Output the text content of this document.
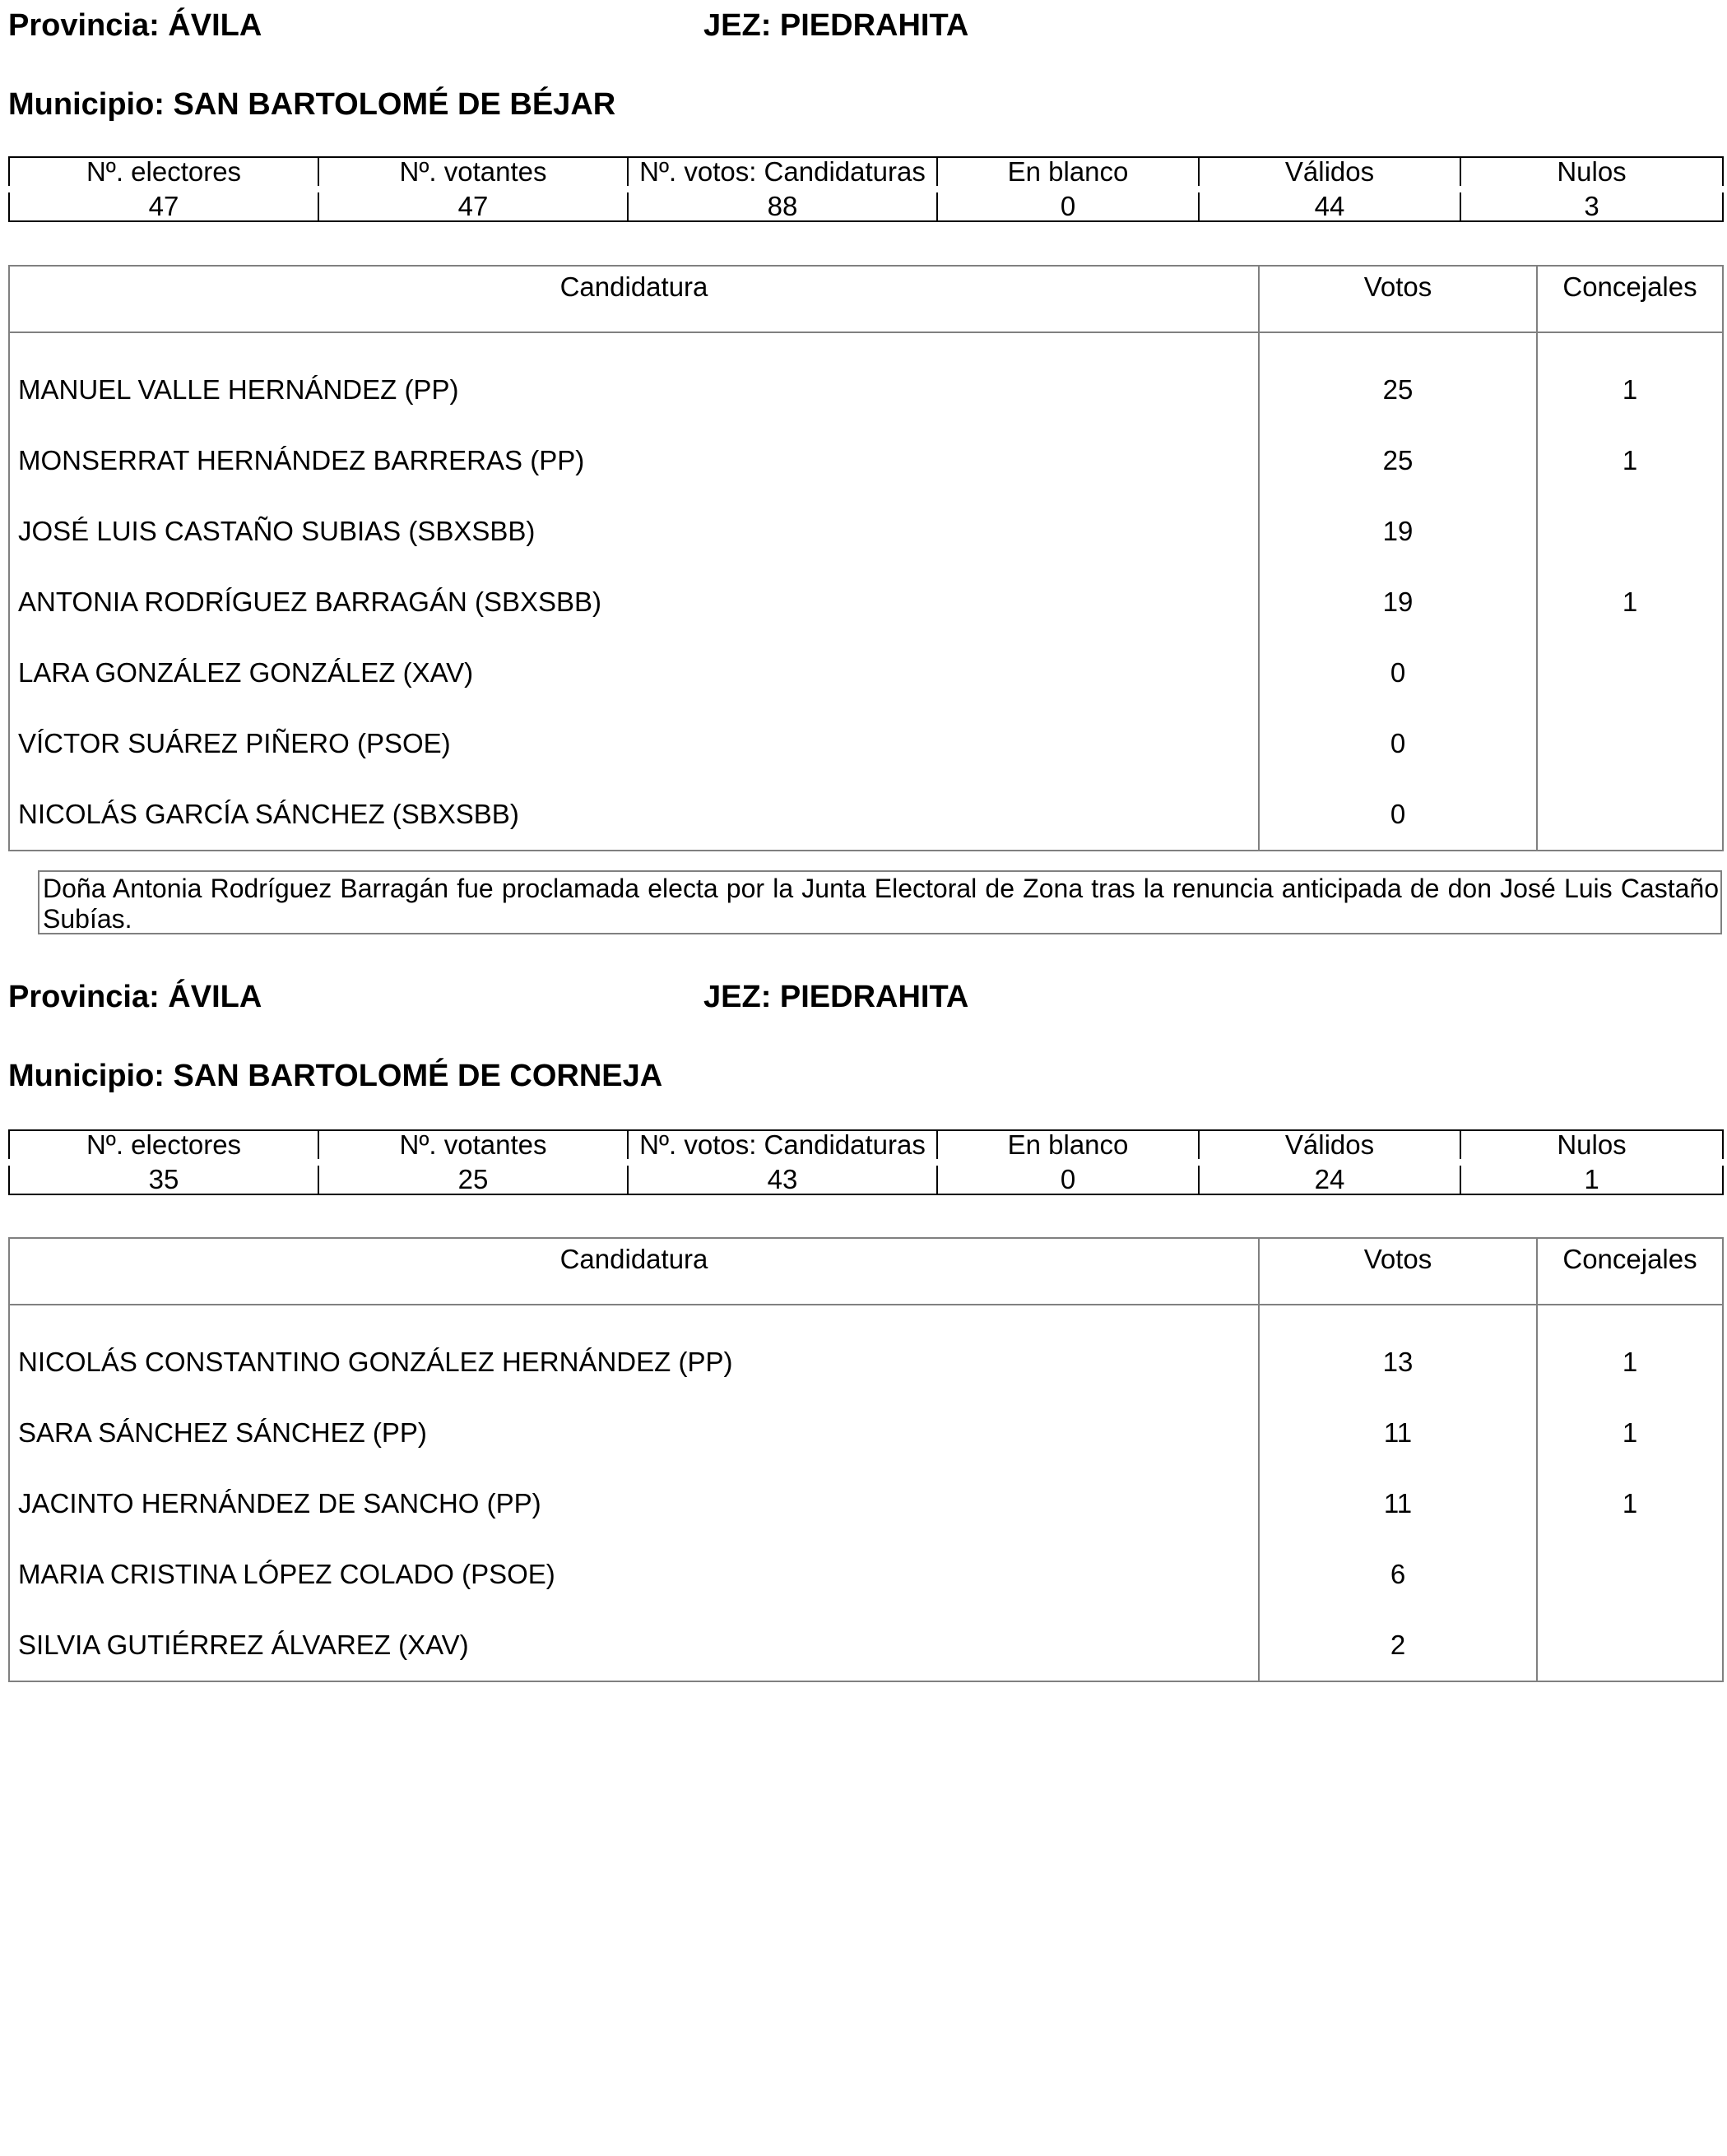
Provincia: ÁVILA	JEZ: PIEDRAHITA
Municipio: SAN BARTOLOMÉ DE BÉJAR
Nº. electores	Nº. votantes	Nº. votos: Candidaturas	En blanco	Válidos	Nulos
47	47	88	0	44	3
Candidatura	Votos	Concejales
MANUEL VALLE HERNÁNDEZ (PP)	25	1
MONSERRAT HERNÁNDEZ BARRERAS (PP)	25	1
JOSÉ LUIS CASTAÑO SUBIAS (SBXSBB)	19	
ANTONIA RODRÍGUEZ BARRAGÁN (SBXSBB)	19	1
LARA GONZÁLEZ GONZÁLEZ (XAV)	0	
VÍCTOR SUÁREZ PIÑERO (PSOE)	0	
NICOLÁS GARCÍA SÁNCHEZ (SBXSBB)	0	
Doña Antonia Rodríguez Barragán fue proclamada electa por la Junta Electoral de Zona tras la renuncia anticipada de don José Luis Castaño Subías.
Provincia: ÁVILA	JEZ: PIEDRAHITA
Municipio: SAN BARTOLOMÉ DE CORNEJA
Nº. electores	Nº. votantes	Nº. votos: Candidaturas	En blanco	Válidos	Nulos
35	25	43	0	24	1
Candidatura	Votos	Concejales
NICOLÁS CONSTANTINO GONZÁLEZ HERNÁNDEZ (PP)	13	1
SARA SÁNCHEZ SÁNCHEZ (PP)	11	1
JACINTO HERNÁNDEZ DE SANCHO (PP)	11	1
MARIA CRISTINA LÓPEZ COLADO (PSOE)	6	
SILVIA GUTIÉRREZ ÁLVAREZ (XAV)	2	
